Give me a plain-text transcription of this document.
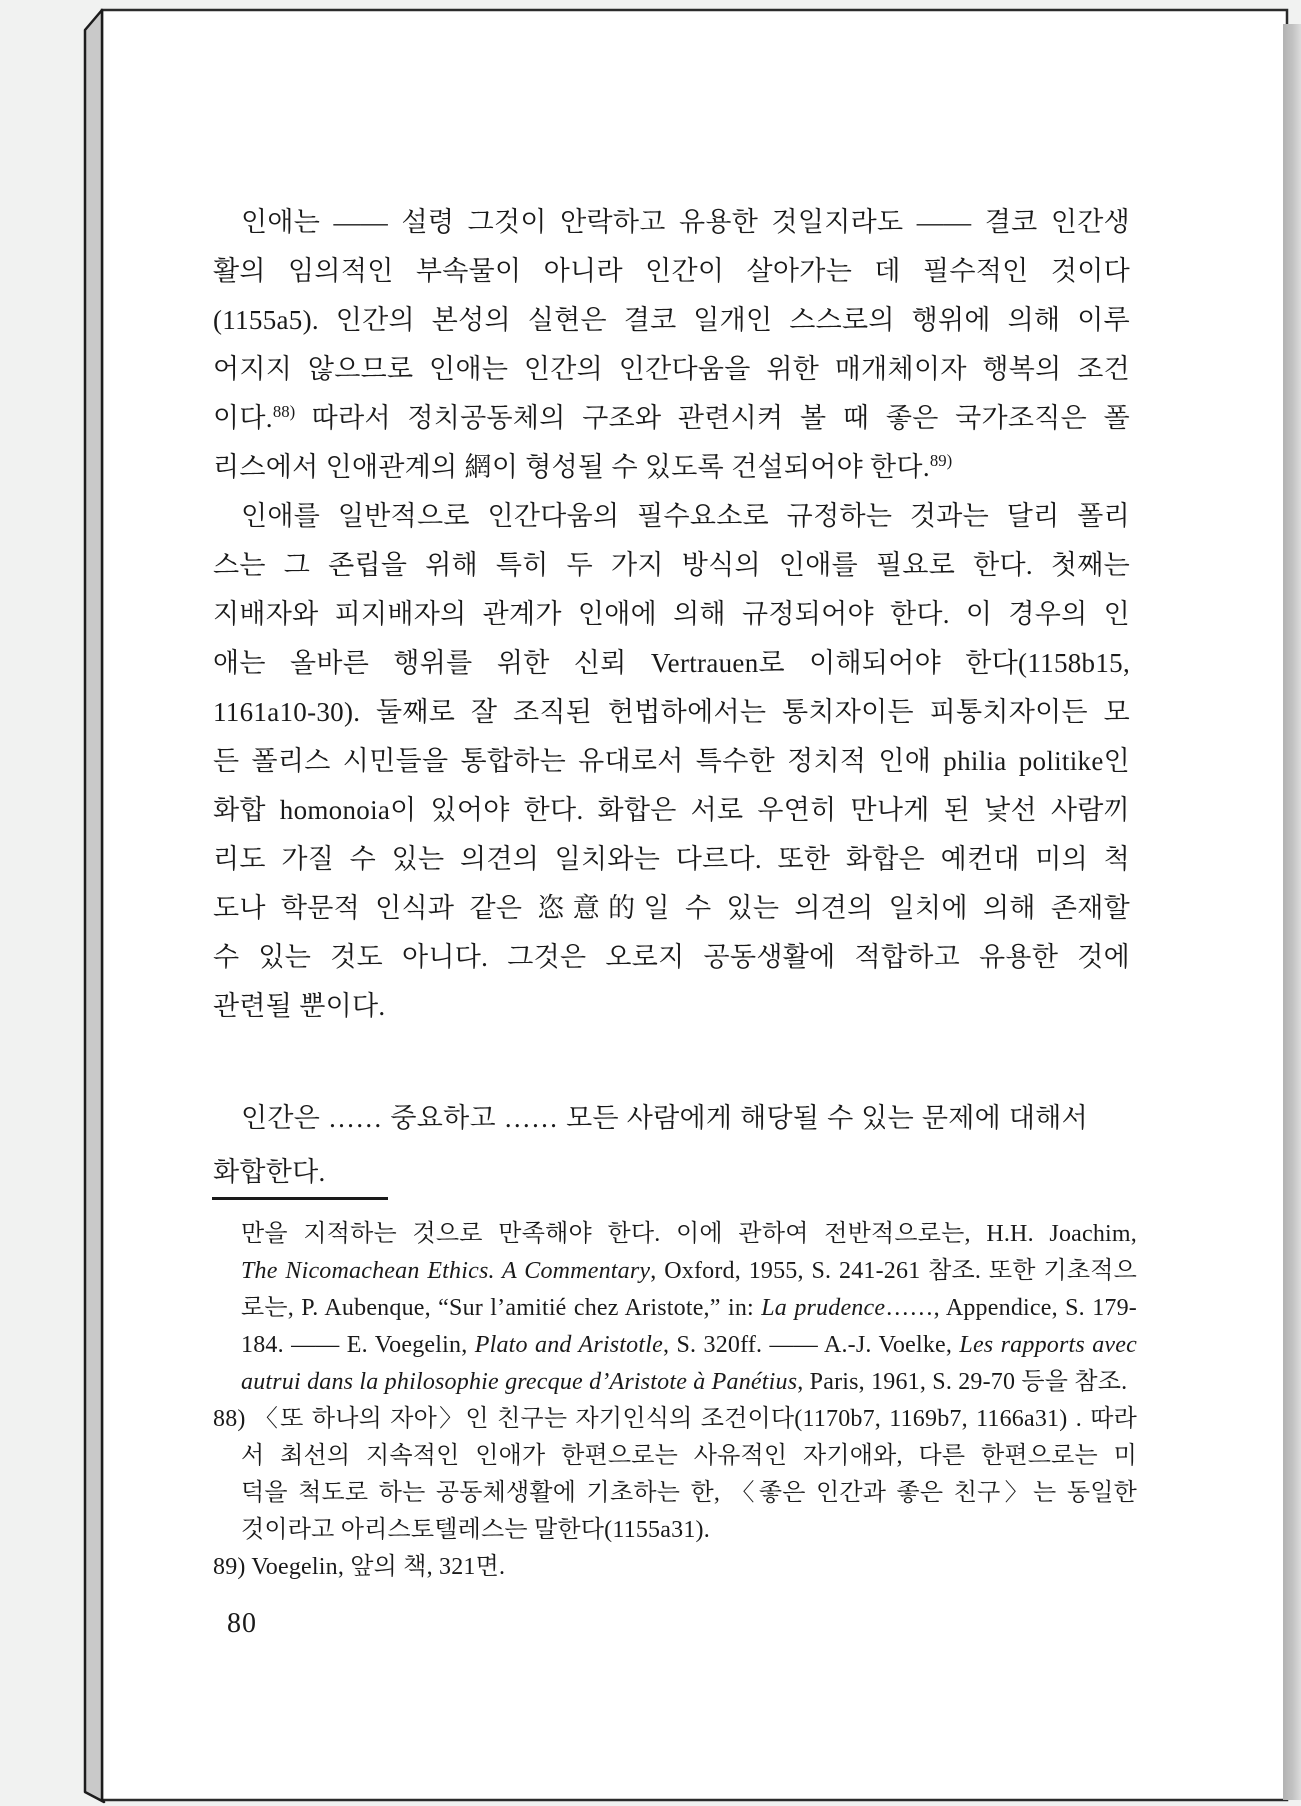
인애는 ―― 설령 그것이 안락하고 유용한 것일지라도 ―― 결코 인간생
활의 임의적인 부속물이 아니라 인간이 살아가는 데 필수적인 것이다
(1155a5). 인간의 본성의 실현은 결코 일개인 스스로의 행위에 의해 이루
어지지 않으므로 인애는 인간의 인간다움을 위한 매개체이자 행복의 조건
이다.$^{88)}$ 따라서 정치공동체의 구조와 관련시켜 볼 때 좋은 국가조직은 폴
리스에서 인애관계의 網이 형성될 수 있도록 건설되어야 한다.$^{89)}$
인애를 일반적으로 인간다움의 필수요소로 규정하는 것과는 달리 폴리
스는 그 존립을 위해 특히 두 가지 방식의 인애를 필요로 한다. 첫째는
지배자와 피지배자의 관계가 인애에 의해 규정되어야 한다. 이 경우의 인
애는 올바른 행위를 위한 신뢰 Vertrauen로 이해되어야 한다(1158b15,
1161a10-30). 둘째로 잘 조직된 헌법하에서는 통치자이든 피통치자이든 모
든 폴리스 시민들을 통합하는 유대로서 특수한 정치적 인애 philia politike인
화합 homonoia이 있어야 한다. 화합은 서로 우연히 만나게 된 낯선 사람끼
리도 가질 수 있는 의견의 일치와는 다르다. 또한 화합은 예컨대 미의 척
도나 학문적 인식과 같은 恣意的일 수 있는 의견의 일치에 의해 존재할
수 있는 것도 아니다. 그것은 오로지 공동생활에 적합하고 유용한 것에
관련될 뿐이다.
인간은 …… 중요하고 …… 모든 사람에게 해당될 수 있는 문제에 대해서
화합한다.
만을 지적하는 것으로 만족해야 한다. 이에 관하여 전반적으로는, H.H. Joachim,
The Nicomachean Ethics. A Commentary, Oxford, 1955, S. 241-261 참조. 또한 기초적으
로는, P. Aubenque, “Sur l’amitié chez Aristote,” in: La prudence……, Appendice, S. 179-
184. ―― E. Voegelin, Plato and Aristotle, S. 320ff. ―― A.-J. Voelke, Les rapports avec
autrui dans la philosophie grecque d’Aristote à Panétius, Paris, 1961, S. 29-70 등을 참조.
88) 〈또 하나의 자아〉인 친구는 자기인식의 조건이다(1170b7, 1169b7, 1166a31) . 따라
서 최선의 지속적인 인애가 한편으로는 사유적인 자기애와, 다른 한편으로는 미
덕을 척도로 하는 공동체생활에 기초하는 한, 〈좋은 인간과 좋은 친구〉는 동일한
것이라고 아리스토텔레스는 말한다(1155a31).
89) Voegelin, 앞의 책, 321면.
80
